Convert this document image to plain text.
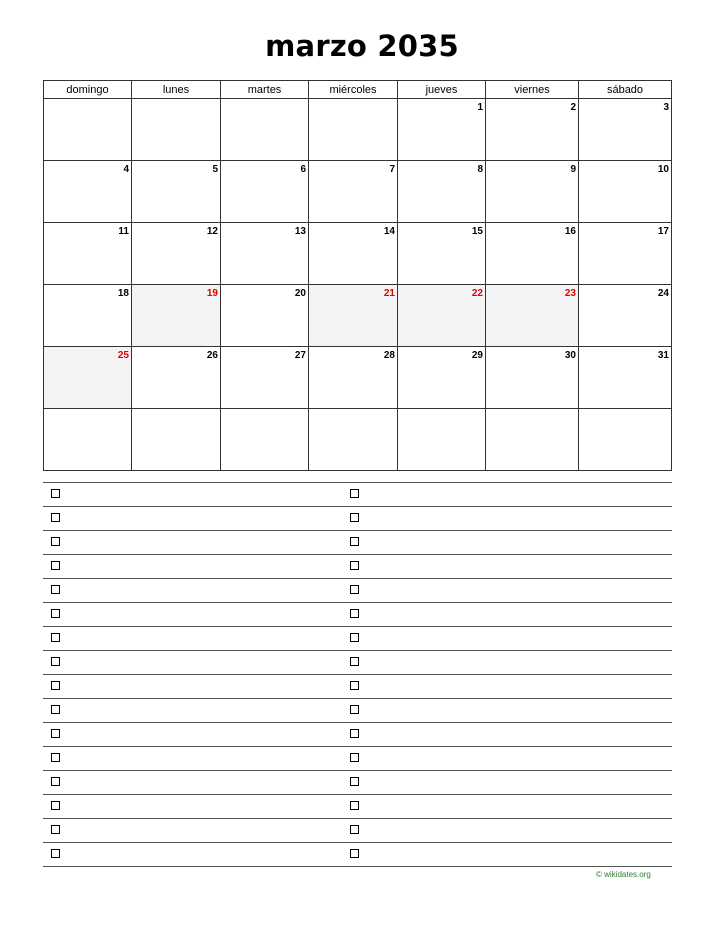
marzo 2035
domingo	lunes	martes	miércoles	jueves	viernes	sábado

				1	2	3

4	5	6	7	8	9	10

11	12	13	14	15	16	17

18	19	20	21	22	23	24

25	26	27	28	29	30	31

© wikidates.org
